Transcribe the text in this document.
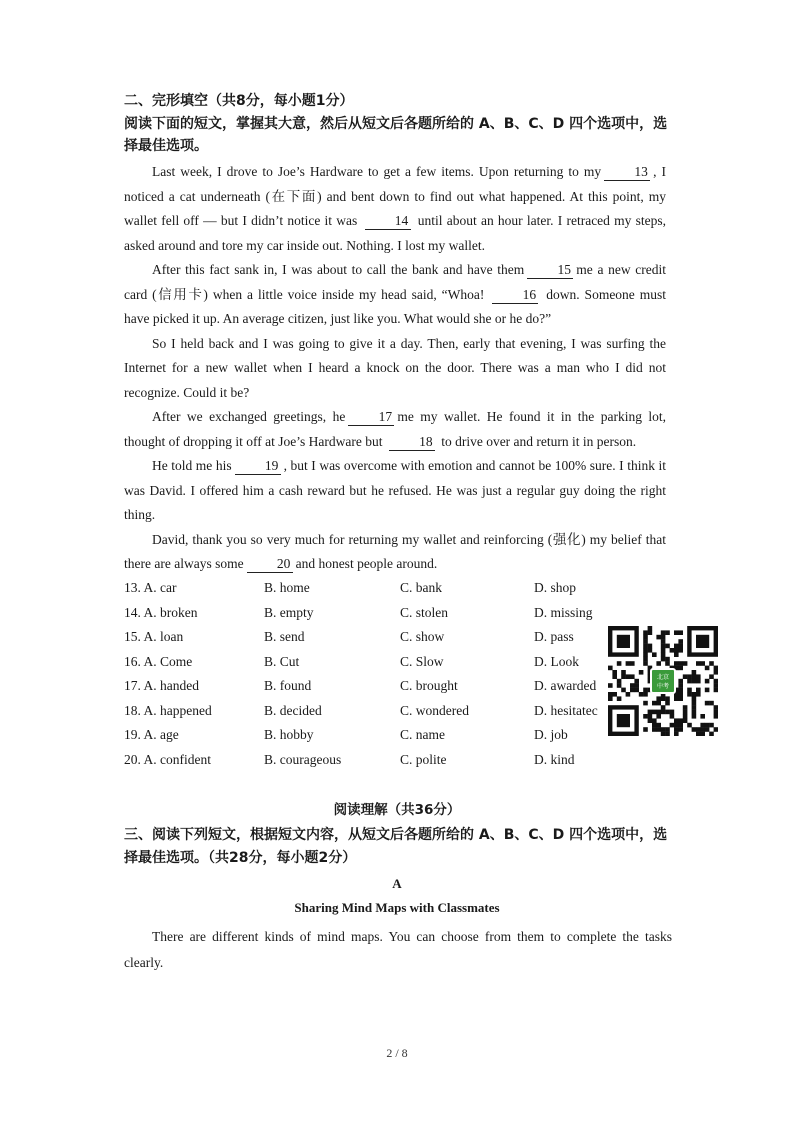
二、完形填空（共8分，每小题1分）
阅读下面的短文，掌握其大意，然后从短文后各题所给的 A、B、C、D 四个选项中，选择最佳选项。

Last week, I drove to Joe’s Hardware to get a few items. Upon returning to my 13 , I noticed a cat underneath (在下面) and bent down to find out what happened. At this point, my wallet fell off — but I didn’t notice it was	14 until about an hour later. I retraced my steps, asked around and tore my car inside out. Nothing. I lost my wallet.

After this fact sank in, I was about to call the bank and have them 15 me a new credit card (信用卡) when a little voice inside my head said, “Whoa!	16 down. Someone must have picked it up. An average citizen, just like you. What would she or he do?”

So I held back and I was going to give it a day. Then, early that evening, I was surfing the Internet for a new wallet when I heard a knock on the door. There was a man who I did not recognize. Could it be?

After we exchanged greetings, he 17 me my wallet. He found it in the parking lot, thought of dropping it off at Joe’s Hardware but	18 to drive over and return it in person.

He told me his 19 , but I was overcome with emotion and cannot be 100% sure. I think it was David. I offered him a cash reward but he refused. He was just a regular guy doing the right thing.

David, thank you so very much for returning my wallet and reinforcing (强化) my belief that there are always some 20 and honest people around.

13. A. car	B. home	C. bank	D. shop
14. A. broken	B. empty	C. stolen	D. missing
15. A. loan	B. send	C. show	D. pass
16. A. Come	B. Cut	C. Slow	D. Look
17. A. handed	B. found	C. brought	D. awarded
18. A. happened	B. decided	C. wondered	D. hesitatec
19. A. age	B. hobby	C. name	D. job
20. A. confident	B. courageous	C. polite	D. kind
北京
中考
阅读理解（共36分）
三、阅读下列短文，根据短文内容，从短文后各题所给的 A、B、C、D 四个选项中，选择最佳选项。（共28分，每小题2分）
A
Sharing Mind Maps with Classmates

There are different kinds of mind maps. You can choose from them to complete the tasks clearly.

2 / 8
